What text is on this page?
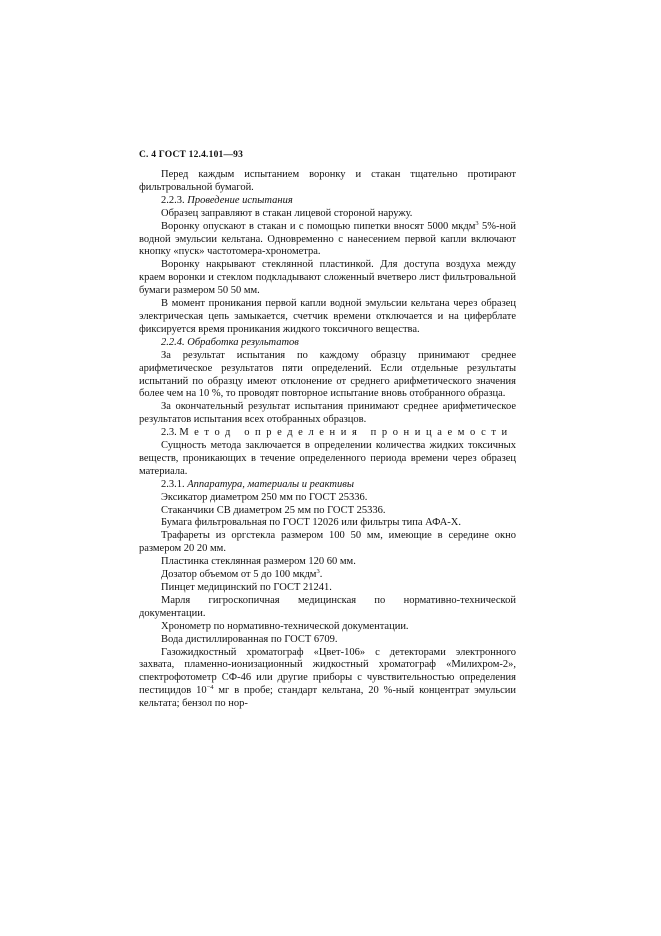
С. 4 ГОСТ 12.4.101—93

Перед каждым испытанием воронку и стакан тщательно протирают фильтровальной бумагой.

2.2.3. Проведение испытания

Образец заправляют в стакан лицевой стороной наружу.

Воронку опускают в стакан и с помощью пипетки вносят 5000 мкдм$^3$ 5%-ной водной эмульсии кельтана. Одновременно с нанесением первой капли включают кнопку «пуск» частотомера-хронометра.

Воронку накрывают стеклянной пластинкой. Для доступа воздуха между краем воронки и стеклом подкладывают сложенный вчетверо лист фильтровальной бумаги размером 50 50 мм.

В момент проникания первой капли водной эмульсии кельтана через образец электрическая цепь замыкается, счетчик времени отключается и на циферблате фиксируется время проникания жидкого токсичного вещества.

2.2.4. Обработка результатов

За результат испытания по каждому образцу принимают среднее арифметическое результатов пяти определений. Если отдельные результаты испытаний по образцу имеют отклонение от среднего арифметического значения более чем на 10 %, то проводят повторное испытание вновь отобранного образца.

За окончательный результат испытания принимают среднее арифметическое результатов испытания всех отобранных образцов.

2.3. Метод определения проницаемости

Сущность метода заключается в определении количества жидких токсичных веществ, проникающих в течение определенного периода времени через образец материала.

2.3.1. Аппаратура, материалы и реактивы

Эксикатор диаметром 250 мм по ГОСТ 25336.

Стаканчики СВ диаметром 25 мм по ГОСТ 25336.

Бумага фильтровальная по ГОСТ 12026 или фильтры типа АФА-Х.

Трафареты из оргстекла размером 100 50 мм, имеющие в середине окно размером 20 20 мм.

Пластинка стеклянная размером 120 60 мм.

Дозатор объемом от 5 до 100 мкдм$^3$.

Пинцет медицинский по ГОСТ 21241.

Марля гигроскопичная медицинская по нормативно-технической документации.

Хронометр по нормативно-технической документации.

Вода дистиллированная по ГОСТ 6709.

Газожидкостный хроматограф «Цвет-106» с детекторами электронного захвата, пламенно-ионизационный жидкостный хроматограф «Милихром-2», спектрофотометр СФ-46 или другие приборы с чувствительностью определения пестицидов $10^{-4}$ мг в пробе; стандарт кельтана, 20 %-ный концентрат эмульсии кельтата; бензол по нор-
